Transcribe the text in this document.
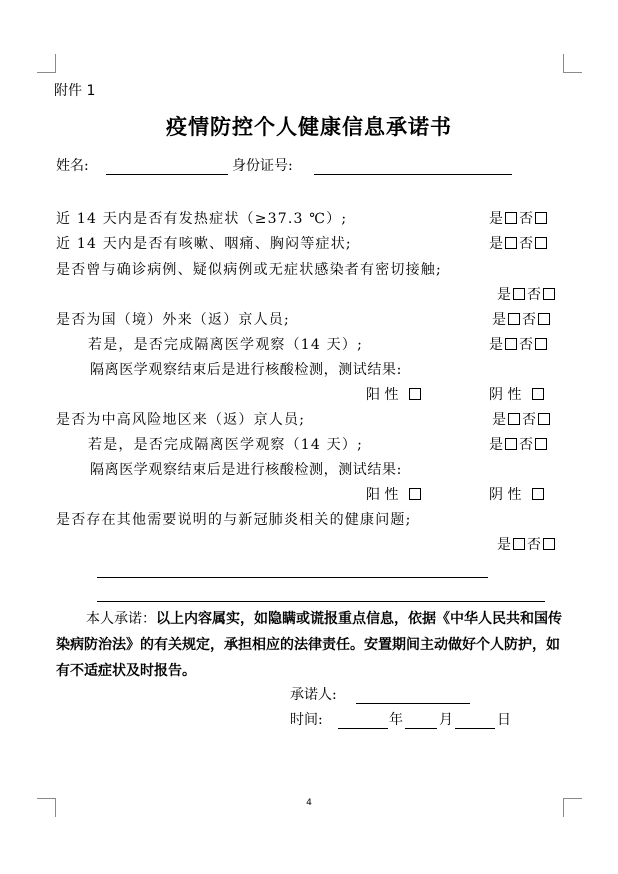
附件 1
疫情防控个人健康信息承诺书
姓名:	身份证号:
近 14 天内是否有发热症状（≥37.3 ℃）;	是 否
近 14 天内是否有咳嗽、咽痛、胸闷等症状;	是 否
是否曾与确诊病例、疑似病例或无症状感染者有密切接触;
是 否
是否为国（境）外来（返）京人员;	是 否
若是，是否完成隔离医学观察（14 天）;	是 否
隔离医学观察结束后是进行核酸检测，测试结果:
阳 性	阴 性
是否为中高风险地区来（返）京人员;	是 否
若是，是否完成隔离医学观察（14 天）;	是 否
隔离医学观察结束后是进行核酸检测，测试结果:
阳 性	阴 性
是否存在其他需要说明的与新冠肺炎相关的健康问题;
是 否
本人承诺：以上内容属实，如隐瞒或谎报重点信息，依据《中华人民共和国传染病防治法》的有关规定，承担相应的法律责任。安置期间主动做好个人防护，如有不适症状及时报告。
承诺人:
时间:	年	月	日
4
